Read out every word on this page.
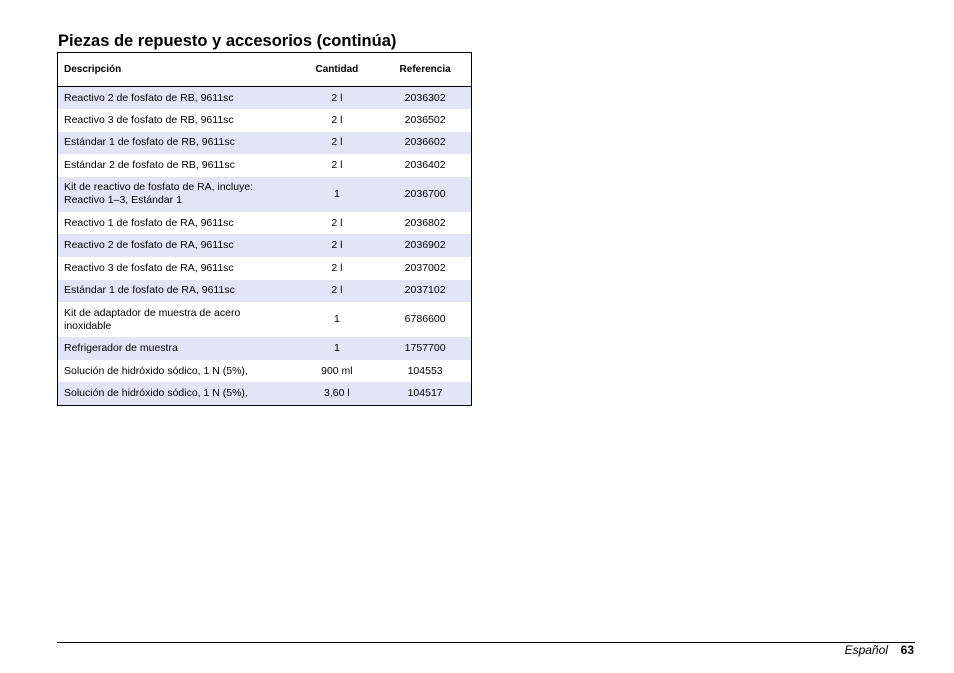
Piezas de repuesto y accesorios (continúa)
Descripción	Cantidad	Referencia
Reactivo 2 de fosfato de RB, 9611sc	2 l	2036302
Reactivo 3 de fosfato de RB, 9611sc	2 l	2036502
Estándar 1 de fosfato de RB, 9611sc	2 l	2036602
Estándar 2 de fosfato de RB, 9611sc	2 l	2036402
Kit de reactivo de fosfato de RA, incluye: Reactivo 1–3, Estándar 1	1	2036700
Reactivo 1 de fosfato de RA, 9611sc	2 l	2036802
Reactivo 2 de fosfato de RA, 9611sc	2 l	2036902
Reactivo 3 de fosfato de RA, 9611sc	2 l	2037002
Estándar 1 de fosfato de RA, 9611sc	2 l	2037102
Kit de adaptador de muestra de acero inoxidable	1	6786600
Refrigerador de muestra	1	1757700
Solución de hidróxido sódico, 1 N (5%),	900 ml	104553
Solución de hidróxido sódico, 1 N (5%),	3,60 l	104517
Español 63
